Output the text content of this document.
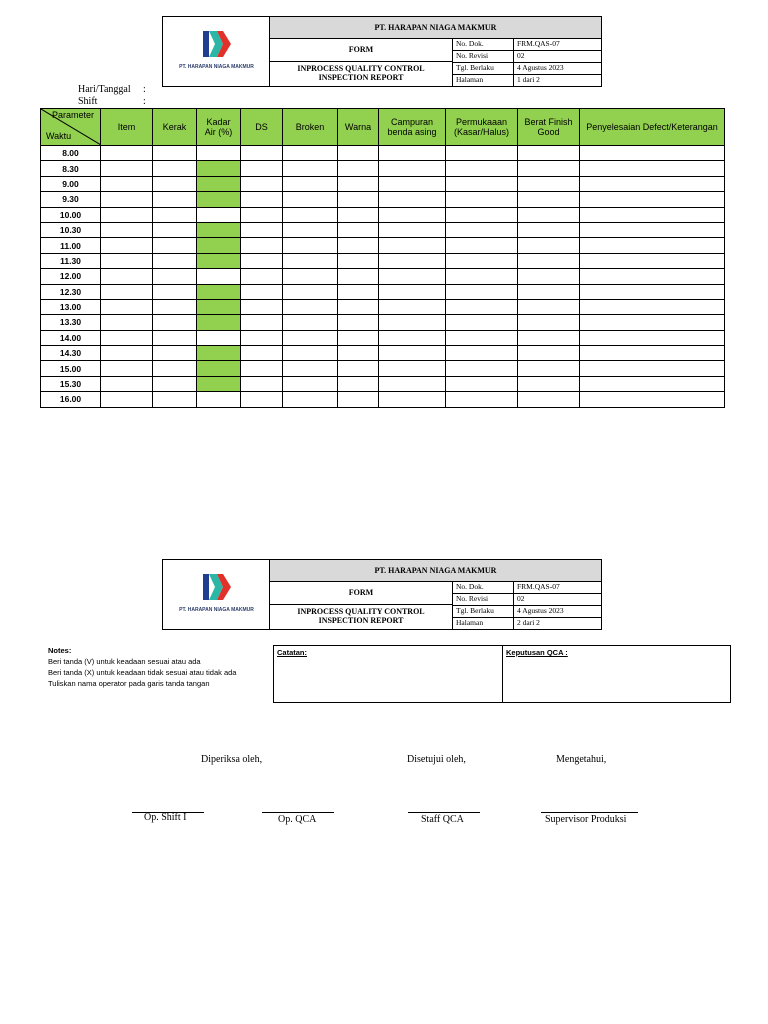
PT. HARAPAN NIAGA MAKMUR
PT. HARAPAN NIAGA MAKMUR
FORM
INPROCESS QUALITY CONTROL
INSPECTION REPORT
No. Dok.	FRM.QAS-07
No. Revisi	02
Tgl. Berlaku	4 Agustus 2023
Halaman	1 dari 2
Hari/Tanggal :
Shift	:
Parameter
Waktu	Item	Kerak	Kadar Air (%)	DS	Broken	Warna	Campuran benda asing	Permukaaan (Kasar/Halus)	Berat Finish Good	Penyelesaian Defect/Keterangan
8.00										
8.30										
9.00										
9.30										
10.00										
10.30										
11.00										
11.30										
12.00										
12.30										
13.00										
13.30										
14.00										
14.30										
15.00										
15.30										
16.00										
PT. HARAPAN NIAGA MAKMUR
PT. HARAPAN NIAGA MAKMUR
FORM
INPROCESS QUALITY CONTROL
INSPECTION REPORT
No. Dok.	FRM.QAS-07
No. Revisi	02
Tgl. Berlaku	4 Agustus 2023
Halaman	2 dari 2
Notes:
Beri tanda (V) untuk keadaan sesuai atau ada
Beri tanda (X) untuk keadaan tidak sesuai atau tidak ada
Tuliskan nama operator pada garis tanda tangan
Catatan:	Keputusan QCA :
Diperiksa oleh,	Disetujui oleh,	Mengetahui,
Op. Shift I	Op. QCA	Staff QCA	Supervisor Produksi
